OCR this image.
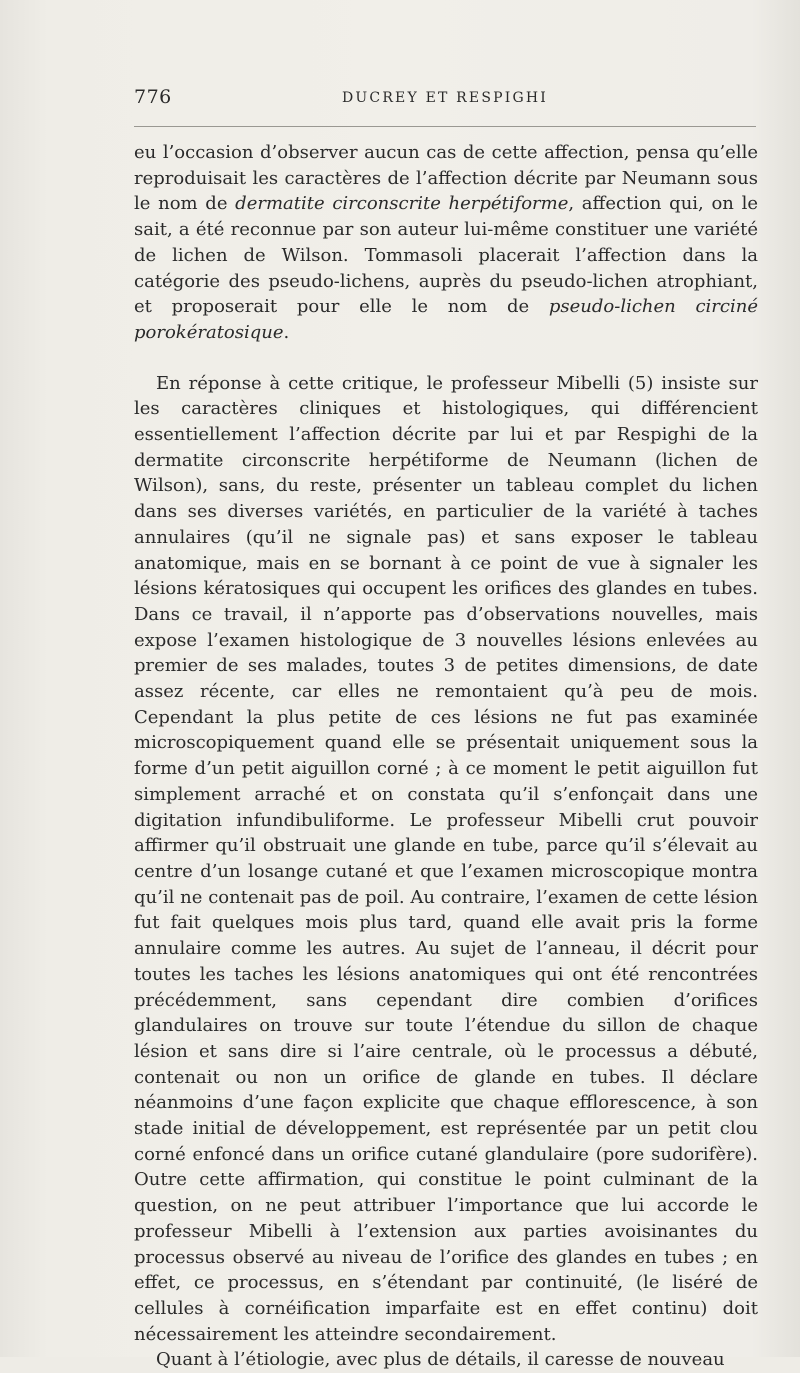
776	DUCREY ET RESPIGHI

eu l’occasion d’observer aucun cas de cette affection, pensa qu’elle reproduisait les caractères de l’affection décrite par Neumann sous le nom de dermatite circonscrite herpétiforme, affection qui, on le sait, a été reconnue par son auteur lui-même constituer une variété de lichen de Wilson. Tommasoli placerait l’affection dans la catégorie des pseudo-lichens, auprès du pseudo-lichen atrophiant, et proposerait pour elle le nom de pseudo-lichen circiné porokératosique.

En réponse à cette critique, le professeur Mibelli (5) insiste sur les caractères cliniques et histologiques, qui différencient essentiellement l’affection décrite par lui et par Respighi de la dermatite circonscrite herpétiforme de Neumann (lichen de Wilson), sans, du reste, présenter un tableau complet du lichen dans ses diverses variétés, en particulier de la variété à taches annulaires (qu’il ne signale pas) et sans exposer le tableau anatomique, mais en se bornant à ce point de vue à signaler les lésions kératosiques qui occupent les orifices des glandes en tubes. Dans ce travail, il n’apporte pas d’observations nouvelles, mais expose l’examen histologique de 3 nouvelles lésions enlevées au premier de ses malades, toutes 3 de petites dimensions, de date assez récente, car elles ne remontaient qu’à peu de mois. Cependant la plus petite de ces lésions ne fut pas examinée microscopiquement quand elle se présentait uniquement sous la forme d’un petit aiguillon corné ; à ce moment le petit aiguillon fut simplement arraché et on constata qu’il s’enfonçait dans une digitation infundibuliforme. Le professeur Mibelli crut pouvoir affirmer qu’il obstruait une glande en tube, parce qu’il s’élevait au centre d’un losange cutané et que l’examen microscopique montra qu’il ne contenait pas de poil. Au contraire, l’examen de cette lésion fut fait quelques mois plus tard, quand elle avait pris la forme annulaire comme les autres. Au sujet de l’anneau, il décrit pour toutes les taches les lésions anatomiques qui ont été rencontrées précédemment, sans cependant dire combien d’orifices glandulaires on trouve sur toute l’étendue du sillon de chaque lésion et sans dire si l’aire centrale, où le processus a débuté, contenait ou non un orifice de glande en tubes. Il déclare néanmoins d’une façon explicite que chaque efflorescence, à son stade initial de développement, est représentée par un petit clou corné enfoncé dans un orifice cutané glandulaire (pore sudorifère). Outre cette affirmation, qui constitue le point culminant de la question, on ne peut attribuer l’importance que lui accorde le professeur Mibelli à l’extension aux parties avoisinantes du processus observé au niveau de l’orifice des glandes en tubes ; en effet, ce processus, en s’étendant par continuité, (le liséré de cellules à cornéification imparfaite est en effet continu) doit nécessairement les atteindre secondairement.

Quant à l’étiologie, avec plus de détails, il caresse de nouveau
